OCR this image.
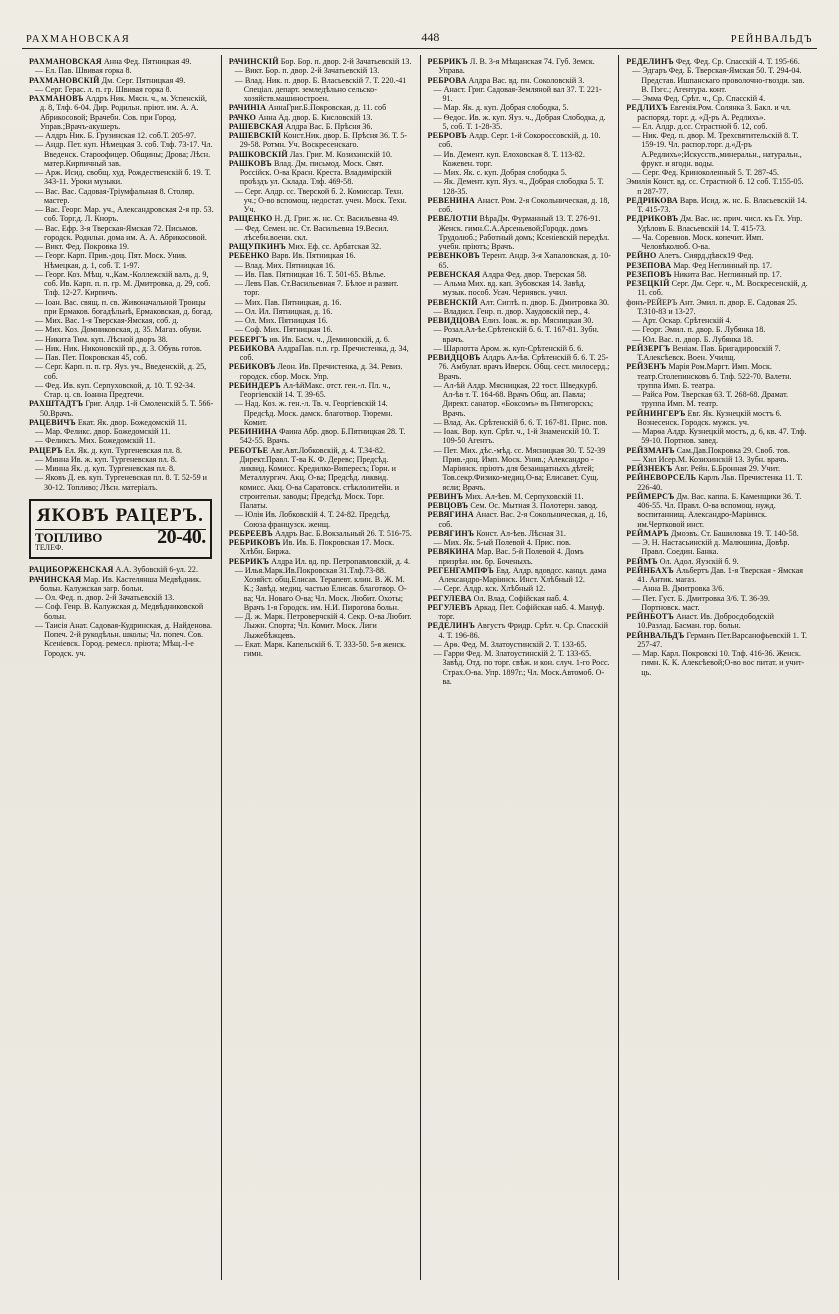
РАХМАНОВСКАЯ	448	РЕЙНВАЛЬДЪ

РАХМАНОВСКАЯ Анна Фед. Пятницкая 49.

— Ел. Пав. Швивая горка 8.

РАХМАНОВСКІЙ Дм. Серг. Пятницкая 49.

— Серг. Герас. л. п. гр. Швивая горка 8.

РАХМАНОВЪ Алдръ Ник. Мясн. ч., м. Успенскій, д. 8, Тлф. 6-04. Дир. Родильн. пріют. им. А. А. Абрикосовой; Врачебн. Сов. при Город. Управ.;Врачъ-акушеръ.

— Алдръ Ник. Б. Грузинская 12. соб.Т. 205-97.

— Андр. Пет. куп. Нѣмецкая 3. соб. Тлф. 73-17. Чл. Введенск. Староофицер. Общины; Дрова; Лѣсн. матер.Кирпичный зав.

— Арж. Исид. свобщ. худ. Рождественскій б. 19. Т. 343-11. Уроки музыки.

— Вас. Вас. Садовая-Тріумфальная 8. Столяр. мастер.

— Вас. Георг. Мар. уч., Александровская 2-я пр. 53. соб. Торг.д. Л. Кноръ.

— Вас. Ефр. 3-я Тверская-Ямская 72. Письмов. городск. Родильн. дома им. А. А. Абрикосовой.

— Викт. Фед. Покровка 19.

— Георг. Карп. Прив.-доц. Пят. Моск. Унив. Нѣмецкая, д. 1, соб. Т. 1-97.

— Георг. Коз. Мѣщ. ч.,Кам.-Коллежскій валъ, д. 9, соб. Ив. Карп. п. п. гр. М. Дмитровка, д. 29, соб. Тлф. 12-27. Кирпичъ.

— Іоан. Вас. свящ. п. св. Живоначальной Троицы при Ермаков. богадѣльнѣ, Ермаковская, д. богад.

— Мих. Вас. 1-я Тверская-Ямская, соб. д.

— Мих. Коз. Домниковская, д. 35. Магаз. обуви.

— Никита Тим. куп. Лѣсной дворъ 38.

— Ник. Ник. Никоновскій пр., д. 3. Обувь готов.

— Пав. Пет. Покровская 45, соб.

— Серг. Карп. п. п. гр. Яуз. уч., Введенскій, д. 25, соб.

— Фед. Ив. куп. Серпуховской, д. 10. Т. 92-34. Стар. ц. св. Іоанна Предтечи.

РАХШТАДТЪ Григ. Алдр. 1-й Смоленскій 5. Т. 566-50.Врачъ.

РАЦЕВИЧЪ Екат. Як. двор. Божедомскій 11.

— Мар. Феликс. двор. Божедомскій 11.

— Феликсъ. Мих. Божедомскій 11.

РАЦЕРЪ Ел. Як. д. куп. Тургеневская пл. 8.

— Минна Ив. ж. куп. Тургеневская пл. 8.

— Минна Як. д. куп. Тургеневская пл. 8.

— Яковъ Д. ев. куп. Тургеневская пл. 8. Т. 52-59 и 30-12. Топливо; Лѣсн. матеріалъ.

ЯКОВЪ РАЦЕРЪ.
ТОПЛИВО	20-40.
ТЕЛЕФ.

РАЦИБОРЖЕНСКАЯ А.А. Зубовскій 6-ул. 22.

РАЧИНСКАЯ Мар. Ив. Кастелянша Медвѣдник. больн. Калужская загр. больн.

— Ол. Фед. п. двор. 2-й Зачатьевскій 13.

— Соф. Генр. В. Калужская д. Медвѣдниковской больн.

— Таисія Анат. Садовая-Кудринская, д. Найденова. Попеч. 2-й рукодѣльн. школы; Чл. попеч. Сов. Ксеніевск. Город. ремесл. пріюта; Мѣщ.-I-е Городск. уч.

РАЧИНСКІЙ Бор. Бор. п. двор. 2-й Зачатьевскій 13.

— Викт. Бор. п. двор. 2-й Зачатьевскій 13.

— Влад. Ник. п. двор. Б. Власьевскій 7. Т. 220.-41 Спеціал. департ. земледѣльно сельско-хозяйств.машиностроен.

РАЧИНІА АннаГриг.Б.Покровская, д. 11. соб

РАЧКО Анна Ад. двор. Б. Кисловскій 13.

РАШЕВСКАЯ Алдра Вас. Б. Прѣсня 36.

РАШЕВСКІЙ Конст.Ник. двор. Б. Прѣсня 36. Т. 5-29-58. Ротмн. Уч. Воскресенскаго.

РАШКОВСКІЙ Лаз. Григ. М. Козихинскій 10.

РАШКОВЪ Влад. Дм. письмод. Моск. Свят. Россійск. О-ва Красн. Креста. Владимірскій проѣздъ ул. Склада. Тлф. 469-58.

— Серг. Алдр. сс. Тверской б. 2. Комиссар. Техн. уч.; О-во вспомощ. недостат. учен. Моск. Техн. Уч.

РАЩЕНКО Н. Д. Григ. ж. нс. Ст. Васильевна 49.

— Фед. Семен. нс. Ст. Васильевна 19.Весил. лѣсебн.воени. скл.

РАЩУПКИНЪ Мих. Еф. сс. Арбатская 32.

РЕБЕНКО Варв. Ив. Пятницкая 16.

— Влад. Мих. Пятницкая 16.

— Ив. Пав. Пятницкая 16. Т. 501-65. Вѣлье.

— Левъ Пав. Ст.Васильевная 7. Бѣлое и развит. торг.

— Мих. Пав. Пятницкая, д. 16.

— Ол. Ил. Пятницкая, д. 16.

— Ол. Мих. Пятницкая 16.

— Соф. Мих. Пятницкая 16.

РЕБЕРГЪ ив. Ив. Басм. ч., Деминовскій, д. 6.

РЕБИКОВА АлдраПав. п.п. гр. Пречистенка, д. 34, соб.

РЕБИКОВЪ Леон. Ив. Пречистенка, д. 34. Ревиз. городск. сбор. Моск. Упр.

РЕБИНДЕРЪ Ал-ѣйМакс. отст. ген.-л. Пл. ч., Георгіевскій 14. Т. 39-65.

— Над. Коз. ж. ген.-л. Тв. ч. Георгіевскій 14. Предсѣд. Моск. дамск. благотвор. Тюремн. Комит.

РЕБИНИНА Фаина Абр. двор. Б.Пятницкая 28. Т. 542-55. Врачъ.

РЕБОТЬЕ Авг.Авт.Лобковскій, д. 4. Т.34-82. Директ.Правл. Т-ва К. Ф. Деревс; Предсѣд. ликвид. Комисс. Кредилко-Випересъ; Горн. и Металлургич. Акц. О-ва; Предсѣд. ликвид. комисс. Акц. О-ва Саратовск. стѣклолитейн. и строительн. заводы; Предсѣд. Моск. Торг. Палаты.

— Юлія Ив. Лобковскій 4. Т. 24-82. Предсѣд. Союза французск. женщ.

РЕБРЕЕВЪ Алдръ Вас. Б.Вокзальный 26. Т. 516-75.

РЕБРИКОВЪ Ив. Ив. Б. Покровская 17. Моск. Хлѣбн. Биржа.

РЕБРИКЪ Алдра Ил. вд. пр. Петропавловскій, д. 4.

— Илья.Марк.Ив.Покровская 31.Тлф.73-88. Хозяйст. общ.Елисав. Терапевт. клин. В. Ж. М. К.; Завѣд. медиц. частью Елисав. благотвор. О-ва; Чл. Новаго О-ва; Чл. Моск. Любит. Охоты; Врачъ 1-я Городск. им. Н.И. Пирогова больн.

— Д. ж. Марк. Петроверчскій 4. Секр. О-ва Любит. Лыжн. Спорта; Чл. Комит. Моск. Лиги Лыжебѣжцевъ.

— Екат. Марк. Капельскій 6. Т. 333-50. 5-я женск. гимн.

РЕБРИКЪ Л. В. 3-я Мѣщанская 74. Губ. Земск. Управа.

РЕБРОВА Алдра Вас. вд. пн. Соколовскій 3.

— Анаст. Григ. Садовая-Земляной вал 37. Т. 221-91.

— Мар. Як. д. куп. Добрая слободка, 5.

— Ѳедос. Ив. ж. куп. Яуз. ч., Добрая Слободка, д. 5, соб. Т. 1-28-35.

РЕБРОВЪ Алдр. Серг. 1-й Сокороссовскій, д. 10. соб.

— Ив. Демент. куп. Елоховская 8. Т. 113-82. Кожевен. торг.

— Мих. Як. с. куп. Добрая слободка 5.

— Як. Демент. куп. Яуз. ч., Добрая слободка 5. Т. 128-35.

РЕВЕНИНА Анаст. Ром. 2-я Сокольническая, д. 18, соб.

РЕВЕЛОТІИ ВѣраДм. Фурманный 13. Т. 276-91. Женск. гимн.С.А.Арсеньевой;Городк. домъ Трудолюб.; Работный домъ; Ксеніевскій передѣл. учебн. пріютъ; Врачъ.

РЕВЕНКОВЪ Терент. Андр. 3-я Хапаловская, д. 10-65.

РЕВЕНСКАЯ Алдра Фед. двор. Тверская 58.

— Альма Мих. вд. кап. Зубовская 14. Завѣд. музык. пособ. Усач. Чернявск. учил.

РЕВЕНСКІЙ Алт. Сиглѣ. п. двор. Б. Дмитровка 30.

— Владисл. Генр. п. двор. Хаудовскій пер., 4.

РЕВИДЦОВА Елиз. Іоак. ж. вр. Мясницкая 30.

— Розал.Ал-ѣе.Срѣтенскій б. 6. Т. 167-81. Зубн. врачъ.

— Шарлотта Аром. ж. куп-Срѣтенскій б. 6.

РЕВИДЦОВЪ Алдръ Ал-ѣв. Срѣтенскій б. 6. Т. 25-76. Амбулат. врачъ Иверск. Общ. сест. милосерд.; Врачъ.

— Ал-ѣй Алдр. Мясницкая, 22 тост. Шведкурб. Ал-ѣв т. Т. 164-68. Врачъ Общ. ап. Павла; Директ. санатор. «Боксомъ» въ Пятигорскъ; Врачъ.

— Влад. Ак. Срѣтенскій б. 6. Т. 167-81. Прис. пов.

— Іоак. Вор. куп. Срѣт. ч., 1-й Знаменскій 10. Т. 109-50 Агентъ.

— Пет. Мих. дѣс.-мѣд. сс. Мясницкая 30. Т. 52-39 Прив.-доц. Имп. Моск. Унив.; Александро - Маріинск. пріютъ для безаищатныхъ дѣтей; Тов.секр.Физико-медиц.О-ва; Елисавет. Сущ. ясли; Врачъ.

РЕВИНЪ Мих. Ал-ѣев. М. Серпуховскій 11.

РЕВЦОВЪ Сем. Ос. Мытная 3. Полотерн. завод.

РЕВЯГИНА Анаст. Вас. 2-я Сокольническая, д. 16, соб.

РЕВЯГИНЪ Конст. Ал-ѣев. Лѣсная 31.

— Мих. Як. 5-ый Полевой 4. Прис. пов.

РЕВЯКИНА Мар. Вас. 5-й Полевой 4. Домъ призрѣн. им. бр. Боченыхъ.

РЕГЕНГАМПФЪ Евд. Алдр. вдовдсс. канцл. дама Александро-Маріинск. Инст. Хлѣбный 12.

— Серг. Алдр. кск. Хлѣбный 12.

РЕГУЛЕВА Ол. Влад. Софійская наб. 4.

РЕГУЛЕВЪ Аркад. Пет. Софійская наб. 4. Мануф. торг.

РЕДЕЛИНЪ Августъ Фридр. Срѣт. ч. Ср. Спасскій 4. Т. 196-86.

— Арѳ. Фед. М. Златоустинскій 2. Т. 133-65.

— Гарри Фед. М. Златоустинскій 2. Т. 133-65. Завѣд. Отд. по торг. свѣж. и кон. случ. 1-го Росс. Страх.О-ва. Упр. 1897г.; Чл. Моск.Автомоб. О-ва.

РЕДЕЛИНЪ Фед. Фед. Ср. Спасскій 4. Т. 195-66.

— Эдгаръ Фед. Б. Тверская-Ямская 50. Т. 294-04. Представ. Ишпанскаго проволочно-гвозди. зав. В. Пэгс.; Агентура. конт.

— Эмма Фед. Срѣт. ч., Ср. Спасскій 4.

РЕДЛИХЪ Евгенія.Ром. Солянка 3. Бакл. и чл. распоряд. торг. д. «Д-ръ А. Редлихъ».

— Ел. Алдр. д.сс. Страстной б. 12, соб.

— Ник. Фед. п. двор. М. Трехсвятительскій 8. Т. 159-19. Чл. распор.торг. д.«Д-ръ А.Редлихъ»;Искусств.,минеральн., натуральн., фрукт. и ягодн. воды.

— Серг. Фед. Криноколенный 5. Т. 287-45.

Эмилія Конст. вд. сс. Страстной б. 12 соб. Т.155-05. п 287-77.

РЕДРИКОВА Варв. Исид. ж. нс. Б. Власьевскій 14. Т. 415-73.

РЕДРИКОВЪ Дм. Вас. нс. прич. числ. къ Гл. Упр. Удѣловъ Б. Власьевскій 14. Т. 415-73.

— Ча. Соревнов. Моск. копечит. Имп. Человѣколюб. О-ва.

РЕЙНО Алетъ. Сиярд.дѣвск19 Фед.

РЕЗЕПОВА Мар. Фед Неглинный пр. 17.

РЕЗЕПОВЪ Никита Вас. Неглинный пр. 17.

РЕЗЕЦКІЙ Серг. Дм. Серг. ч., М. Воскресенскій, д. 11. соб.

фонъ-РЕЙЕРЪ Ант. Эмил. п. двор. Е. Садовая 25. Т.310-83 и 13-27.

— Арт. Оскар. Срѣтенскій 4.

— Георг. Эмил. п. двор. Б. Лубянка 18.

— Юл. Вас. п. двор. Б. Лубянка 18.

РЕЙЗЕРГЪ Веніам. Пав. Бригадировскій 7. Т.Алексѣевск. Воен. Училщ.

РЕЙЗЕНЪ Марія Ром.Маргт. Имп. Моск. театр.Столепинсковъ б. Тлф. 522-70. Валетн. труппа Имп. Б. театра.

— Райса Ром. Тверская 63. Т. 268-68. Драмат. труппа Имп. М. театр.

РЕЙНИНГЕРЪ Евг. Як. Кузнецкій мостъ 6. Вознесенск. Городск. мужск. уч.

— Марѳа Алдр. Кузнецкій мостъ, д. 6, кв. 47. Тлф. 59-10. Портнов. завед.

РЕЙЗМАНЪ Сам.Дав.Покровка 29. Своб. тов.

— Хил Исер.М. Козихинскій 13. Зубн. врачъ.

РЕЙЗНЕКЪ Авг. Рейн. Б.Бронная 29. Учит.

РЕЙНЕВОРСЕЛЬ Карлъ Льв. Пречистенка 11. Т. 226-40.

РЕЙМЕРСЪ Дм. Вас. каппа. Б. Каменщики 36. Т. 406-55. Чл. Правл. О-ва вспомощ. нужд. воспитаннищ. Александро-Маріинск. им.Чертковой инст.

РЕЙМАРЪ Дмоэвъ. Ст. Башиловка 19. Т. 140-58.

— Э. Н. Настасьинскій д. Малюшина, Довѣр. Правл. Соедин. Банка.

РЕЙМЪ Ол. Адол. Яузскій б. 9.

РЕЙНБАХЪ Альбертъ Дав. 1-я Тверская - Ямская 41. Антик. магаз.

— Анна В. Дмитровка 3/6.

— Пет. Густ. Б. Дмитровка 3/6. Т. 36-39. Портновск. маст.

РЕЙНБОТЪ Анаст. Ив. Добросдободскій 10.Разлад. Басман. гор. больн.

РЕЙНВАЛЬДЪ Германъ Пет.Варсанофьевскій 1. Т. 257-47.

— Мар. Карл. Покровскі 10. Тлф. 416-36. Женск. гимн. К. К. Алексѣевой;О-во вос питат. и учит-ць.
